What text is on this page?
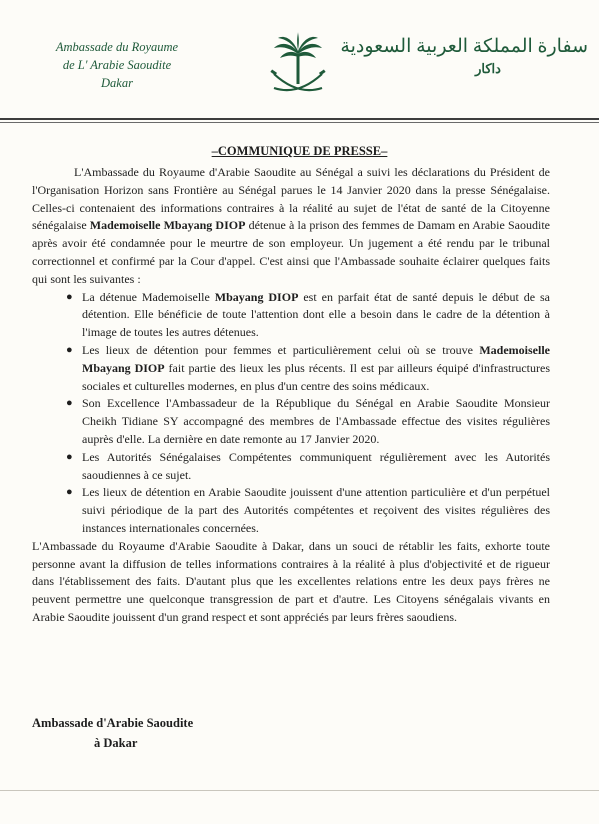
Ambassade du Royaume
de L' Arabie Saoudite
Dakar
سفارة المملكة العربية السعودية
داكار
–COMMUNIQUE DE PRESSE–

L'Ambassade du Royaume d'Arabie Saoudite au Sénégal a suivi les déclarations du Président de l'Organisation Horizon sans Frontière au Sénégal parues le 14 Janvier 2020 dans la presse Sénégalaise. Celles-ci contenaient des informations contraires à la réalité au sujet de l'état de santé de la Citoyenne sénégalaise Mademoiselle Mbayang DIOP détenue à la prison des femmes de Damam en Arabie Saoudite après avoir été condamnée pour le meurtre de son employeur. Un jugement a été rendu par le tribunal correctionnel et confirmé par la Cour d'appel. C'est ainsi que l'Ambassade souhaite éclairer quelques faits qui sont les suivantes :

● La détenue Mademoiselle Mbayang DIOP est en parfait état de santé depuis le début de sa détention. Elle bénéficie de toute l'attention dont elle a besoin dans le cadre de la détention à l'image de toutes les autres détenues.
● Les lieux de détention pour femmes et particulièrement celui où se trouve Mademoiselle Mbayang DIOP fait partie des lieux les plus récents. Il est par ailleurs équipé d'infrastructures sociales et culturelles modernes, en plus d'un centre des soins médicaux.
● Son Excellence l'Ambassadeur de la République du Sénégal en Arabie Saoudite Monsieur Cheikh Tidiane SY accompagné des membres de l'Ambassade effectue des visites régulières auprès d'elle. La dernière en date remonte au 17 Janvier 2020.
● Les Autorités Sénégalaises Compétentes communiquent régulièrement avec les Autorités saoudiennes à ce sujet.
● Les lieux de détention en Arabie Saoudite jouissent d'une attention particulière et d'un perpétuel suivi périodique de la part des Autorités compétentes et reçoivent des visites régulières des instances internationales concernées.

L'Ambassade du Royaume d'Arabie Saoudite à Dakar, dans un souci de rétablir les faits, exhorte toute personne avant la diffusion de telles informations contraires à la réalité à plus d'objectivité et de rigueur dans l'établissement des faits. D'autant plus que les excellentes relations entre les deux pays frères ne peuvent permettre une quelconque transgression de part et d'autre. Les Citoyens sénégalais vivants en Arabie Saoudite jouissent d'un grand respect et sont appréciés par leurs frères saoudiens.

Ambassade d'Arabie Saoudite
à Dakar
